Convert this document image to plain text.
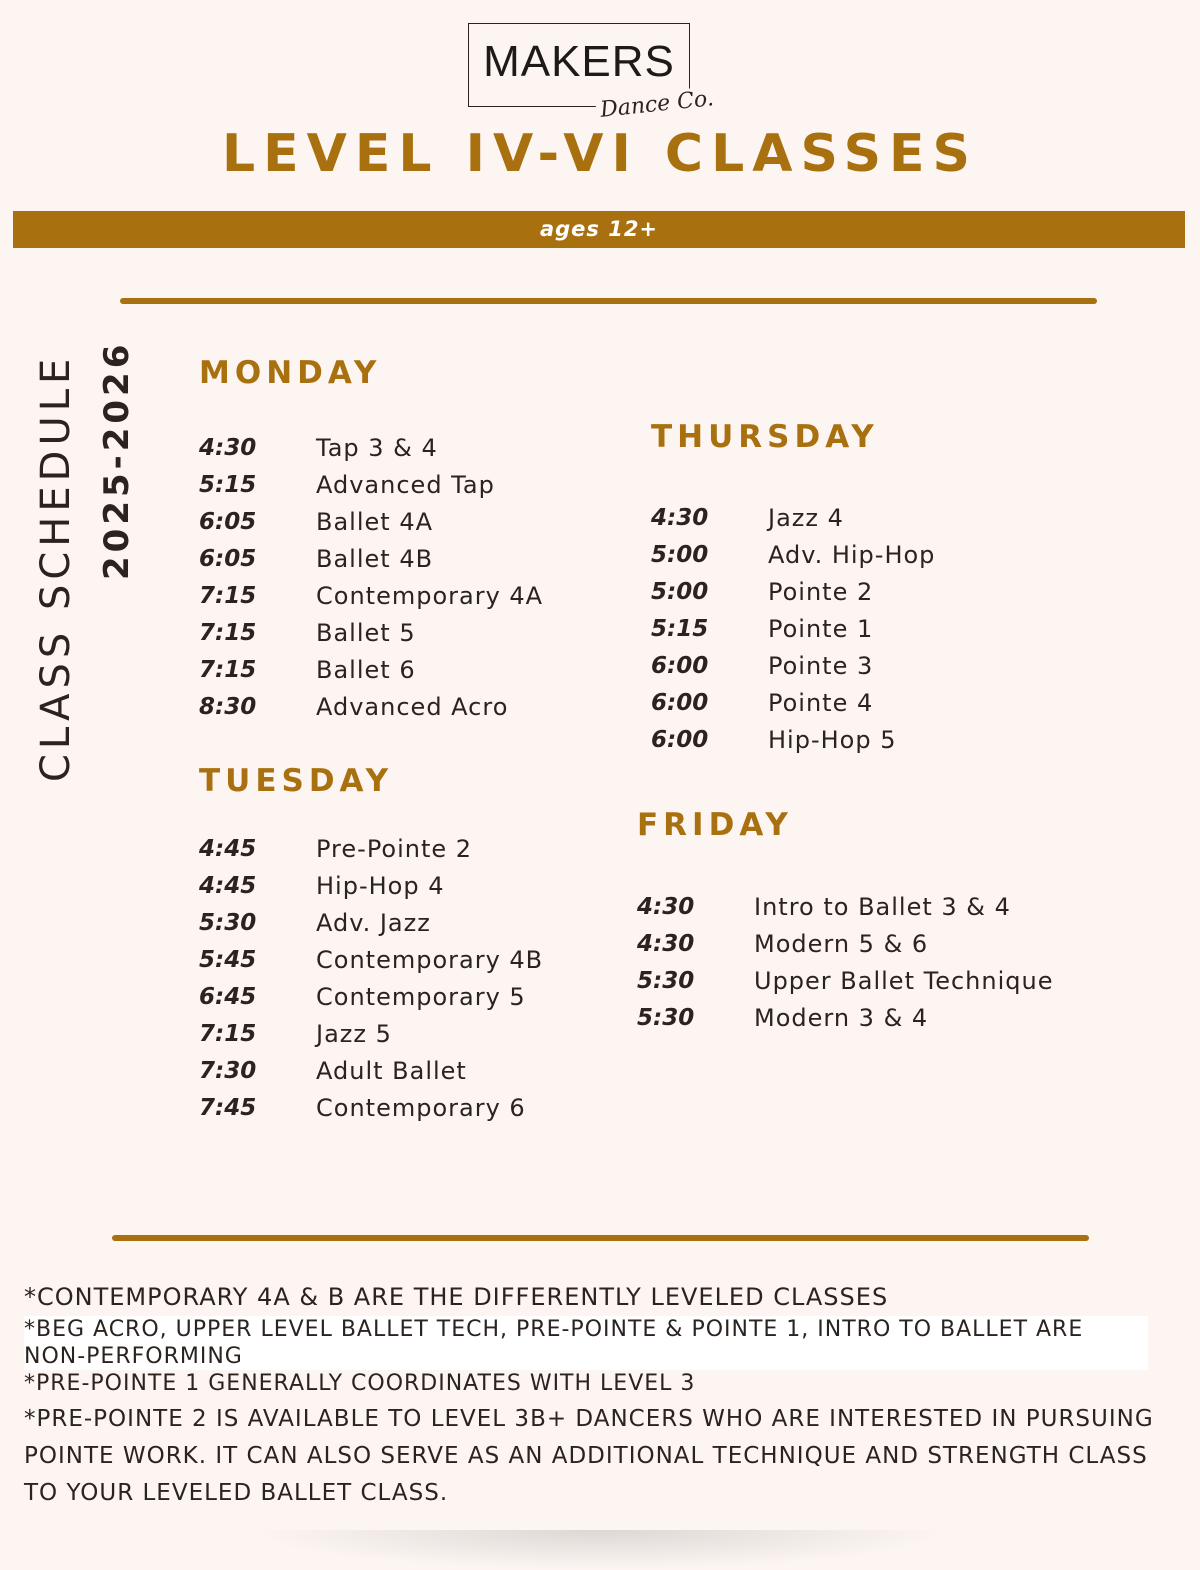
MAKERS
Dance Co.
LEVEL IV-VI CLASSES
ages 12+
CLASS SCHEDULE 2025-2026 MONDAY
4:30 Tap 3 & 4
5:15 Advanced Tap
6:05 Ballet 4A
6:05 Ballet 4B
7:15 Contemporary 4A
7:15 Ballet 5
7:15 Ballet 6
8:30 Advanced Acro
TUESDAY
4:45 Pre-Pointe 2
4:45 Hip-Hop 4
5:30 Adv. Jazz
5:45 Contemporary 4B
6:45 Contemporary 5
7:15 Jazz 5
7:30 Adult Ballet
7:45 Contemporary 6
THURSDAY
4:30 Jazz 4
5:00 Adv. Hip-Hop
5:00 Pointe 2
5:15 Pointe 1
6:00 Pointe 3
6:00 Pointe 4
6:00 Hip-Hop 5
FRIDAY
4:30 Intro to Ballet 3 & 4
4:30 Modern 5 & 6
5:30 Upper Ballet Technique
5:30 Modern 3 & 4

*CONTEMPORARY 4A & B ARE THE DIFFERENTLY LEVELED CLASSES

*BEG ACRO, UPPER LEVEL BALLET TECH, PRE-POINTE & POINTE 1, INTRO TO BALLET ARE NON-PERFORMING

*PRE-POINTE 1 GENERALLY COORDINATES WITH LEVEL 3

*PRE-POINTE 2 IS AVAILABLE TO LEVEL 3B+ DANCERS WHO ARE INTERESTED IN PURSUING POINTE WORK. IT CAN ALSO SERVE AS AN ADDITIONAL TECHNIQUE AND STRENGTH CLASS TO YOUR LEVELED BALLET CLASS.
